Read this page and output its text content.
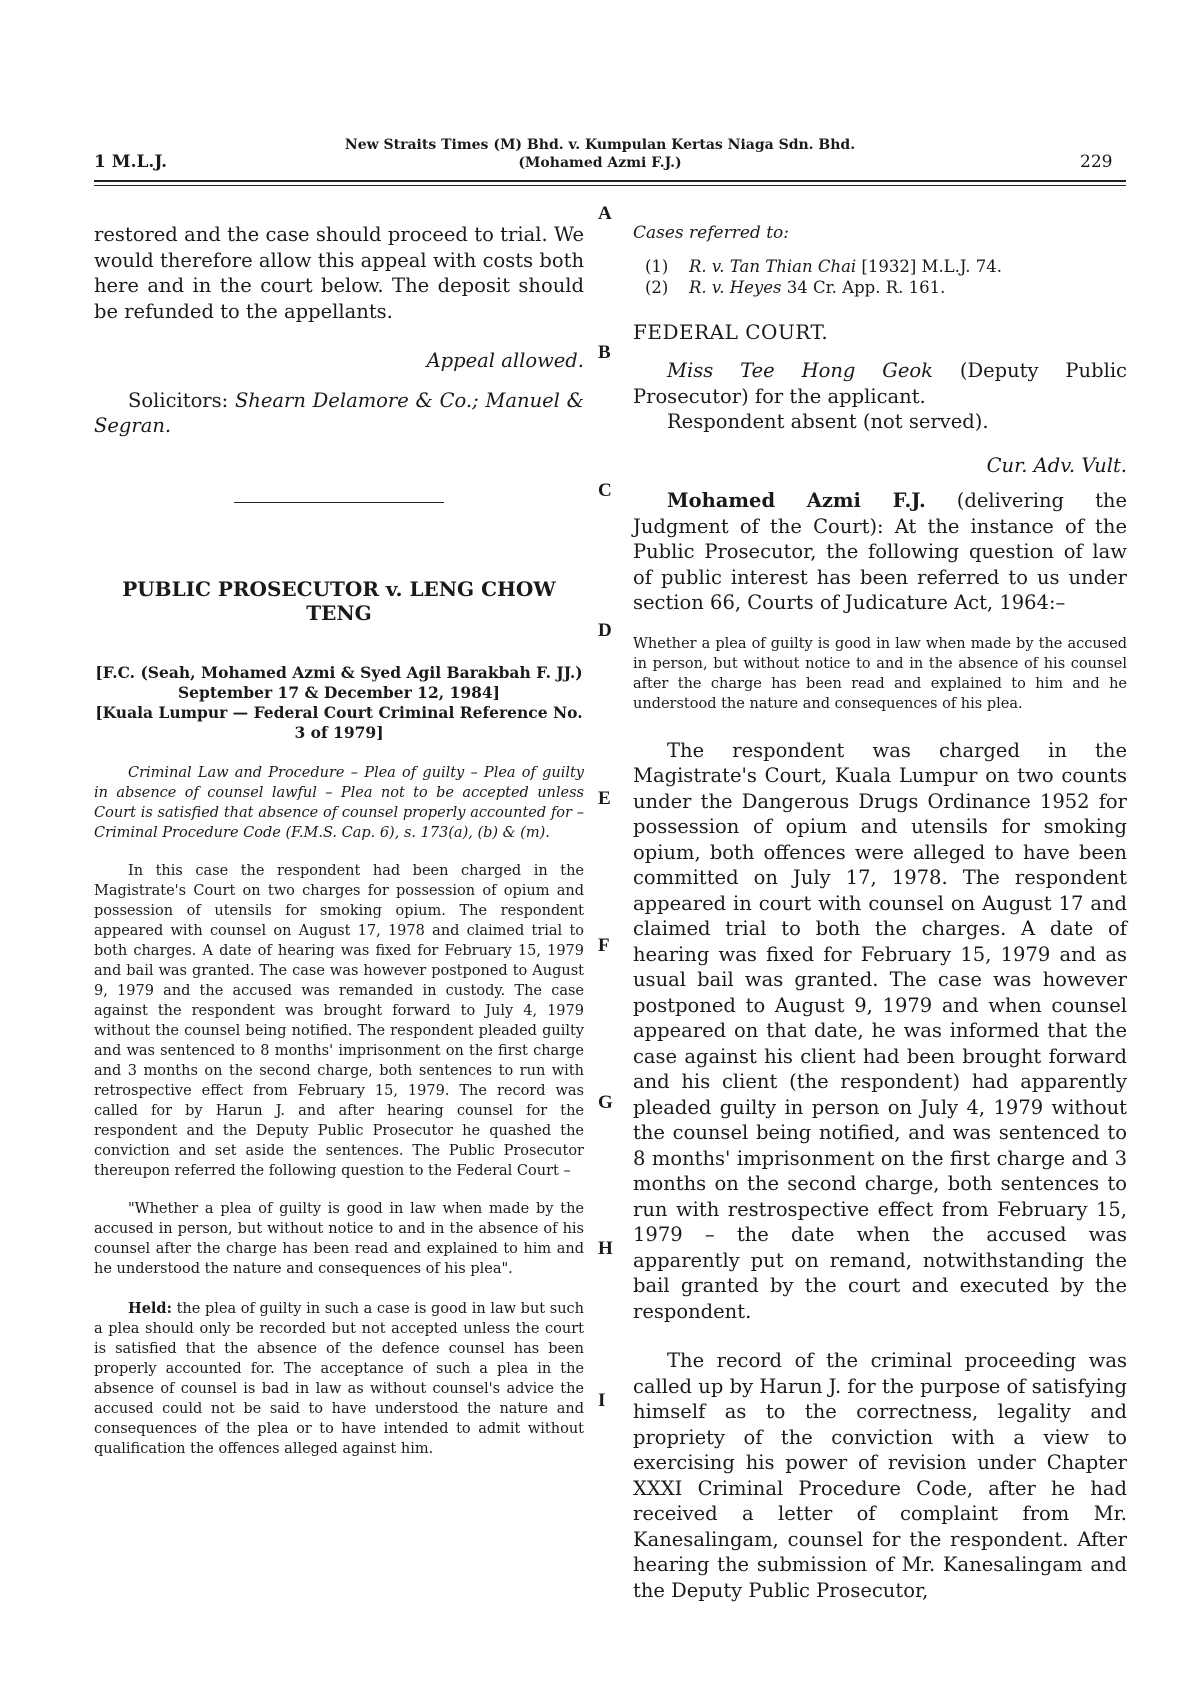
1 M.L.J.
New Straits Times (M) Bhd. v. Kumpulan Kertas Niaga Sdn. Bhd.
(Mohamed Azmi F.J.)	229
A
B
C
D
E
F
G
H
I

restored and the case should proceed to trial. We would therefore allow this appeal with costs both here and in the court below. The deposit should be refunded to the appellants.

Appeal allowed.

Solicitors: Shearn Delamore & Co.; Manuel & Segran.

PUBLIC PROSECUTOR v. LENG CHOW TENG

[F.C. (Seah, Mohamed Azmi & Syed Agil Barakbah F. JJ.)
September 17 & December 12, 1984]
[Kuala Lumpur — Federal Court Criminal Reference No. 3 of 1979]

Criminal Law and Procedure – Plea of guilty – Plea of guilty in absence of counsel lawful – Plea not to be accepted unless Court is satisfied that absence of counsel properly accounted for – Criminal Procedure Code (F.M.S. Cap. 6), s. 173(a), (b) & (m).

In this case the respondent had been charged in the Magistrate's Court on two charges for possession of opium and possession of utensils for smoking opium. The respondent appeared with counsel on August 17, 1978 and claimed trial to both charges. A date of hearing was fixed for February 15, 1979 and bail was granted. The case was however postponed to August 9, 1979 and the accused was remanded in custody. The case against the respondent was brought forward to July 4, 1979 without the counsel being notified. The respondent pleaded guilty and was sentenced to 8 months' imprisonment on the first charge and 3 months on the second charge, both sentences to run with retrospective effect from February 15, 1979. The record was called for by Harun J. and after hearing counsel for the respondent and the Deputy Public Prosecutor he quashed the conviction and set aside the sentences. The Public Prosecutor thereupon referred the following question to the Federal Court –

"Whether a plea of guilty is good in law when made by the accused in person, but without notice to and in the absence of his counsel after the charge has been read and explained to him and he understood the nature and consequences of his plea".

Held: the plea of guilty in such a case is good in law but such a plea should only be recorded but not accepted unless the court is satisfied that the absence of the defence counsel has been properly accounted for. The acceptance of such a plea in the absence of counsel is bad in law as without counsel's advice the accused could not be said to have understood the nature and consequences of the plea or to have intended to admit without qualification the offences alleged against him.

Cases referred to:

(1)	R. v. Tan Thian Chai [1932] M.L.J. 74.
(2)	R. v. Heyes 34 Cr. App. R. 161.

FEDERAL COURT.

Miss Tee Hong Geok (Deputy Public Prosecutor) for the applicant.

Respondent absent (not served).

Cur. Adv. Vult.

Mohamed Azmi F.J. (delivering the Judgment of the Court): At the instance of the Public Prosecutor, the following question of law of public interest has been referred to us under section 66, Courts of Judicature Act, 1964:–

Whether a plea of guilty is good in law when made by the accused in person, but without notice to and in the absence of his counsel after the charge has been read and explained to him and he understood the nature and consequences of his plea.

The respondent was charged in the Magistrate's Court, Kuala Lumpur on two counts under the Dangerous Drugs Ordinance 1952 for possession of opium and utensils for smoking opium, both offences were alleged to have been committed on July 17, 1978. The respondent appeared in court with counsel on August 17 and claimed trial to both the charges. A date of hearing was fixed for February 15, 1979 and as usual bail was granted. The case was however postponed to August 9, 1979 and when counsel appeared on that date, he was informed that the case against his client had been brought forward and his client (the respondent) had apparently pleaded guilty in person on July 4, 1979 without the counsel being notified, and was sentenced to 8 months' imprisonment on the first charge and 3 months on the second charge, both sentences to run with restrospective effect from February 15, 1979 – the date when the accused was apparently put on remand, notwithstanding the bail granted by the court and executed by the respondent.

The record of the criminal proceeding was called up by Harun J. for the purpose of satisfying himself as to the correctness, legality and propriety of the conviction with a view to exercising his power of revision under Chapter XXXI Criminal Procedure Code, after he had received a letter of complaint from Mr. Kanesalingam, counsel for the respondent. After hearing the submission of Mr. Kanesalingam and the Deputy Public Prosecutor,
